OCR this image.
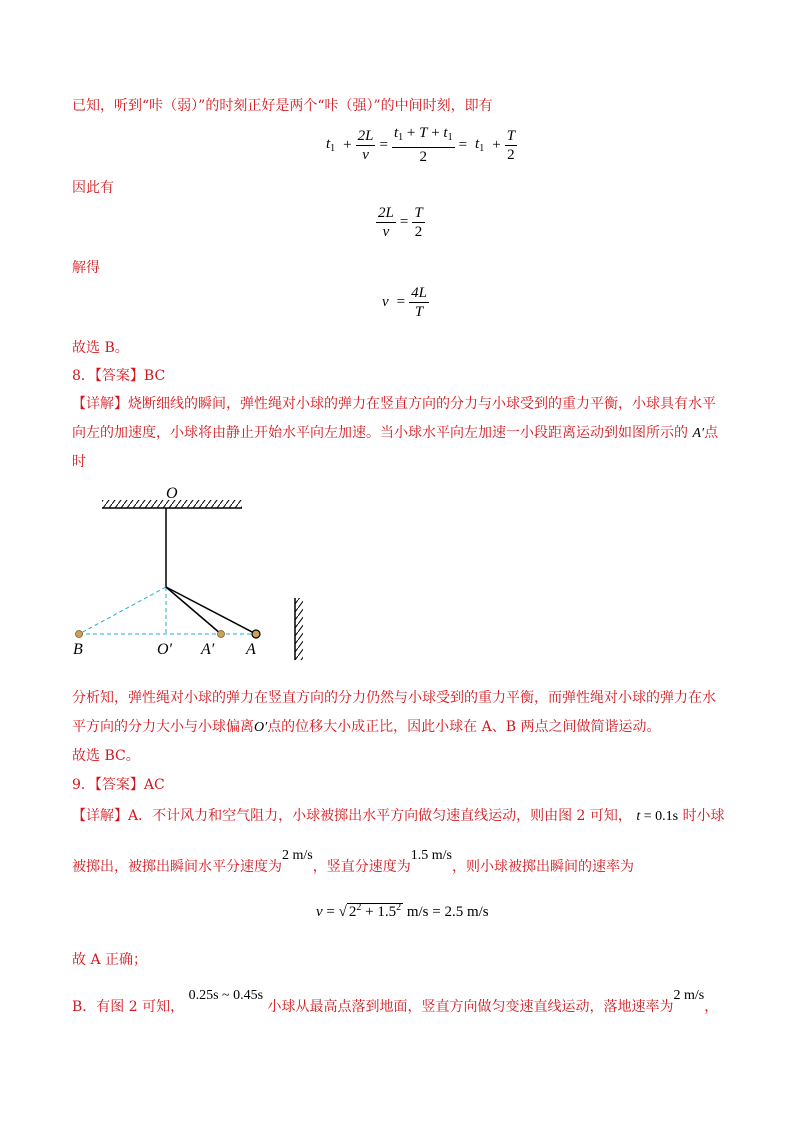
已知，听到“咔（弱）”的时刻正好是两个“咔（强）”的中间时刻，即有
$t_1 + \frac{2L}{v} = \frac{t_1 + T + t_1}{2} = t_1 + \frac{T}{2}$
因此有
$\frac{2L}{v} = \frac{T}{2}$
解得
$v = \frac{4L}{T}$
故选 B。
8．【答案】BC
【详解】烧断细线的瞬间，弹性绳对小球的弹力在竖直方向的分力与小球受到的重力平衡，小球具有水平
向左的加速度，小球将由静止开始水平向左加速。当小球水平向左加速一小段距离运动到如图所示的 A′点
时
O
B	O′ A′ A
分析知，弹性绳对小球的弹力在竖直方向的分力仍然与小球受到的重力平衡，而弹性绳对小球的弹力在水
平方向的分力大小与小球偏离O′点的位移大小成正比，因此小球在 A、B 两点之间做简谐运动。
故选 BC。
9．【答案】AC
【详解】A．不计风力和空气阻力，小球被掷出水平方向做匀速直线运动，则由图 2 可知， t = 0.1s 时小球
被掷出，被掷出瞬间水平分速度为2 m/s，竖直分速度为1.5 m/s，则小球被掷出瞬间的速率为
v = √ $2^2 + 1.5^2$ m/s = 2.5 m/s
故 A 正确；
B．有图 2 可知， 0.25s ~ 0.45s 小球从最高点落到地面，竖直方向做匀变速直线运动，落地速率为2 m/s，
